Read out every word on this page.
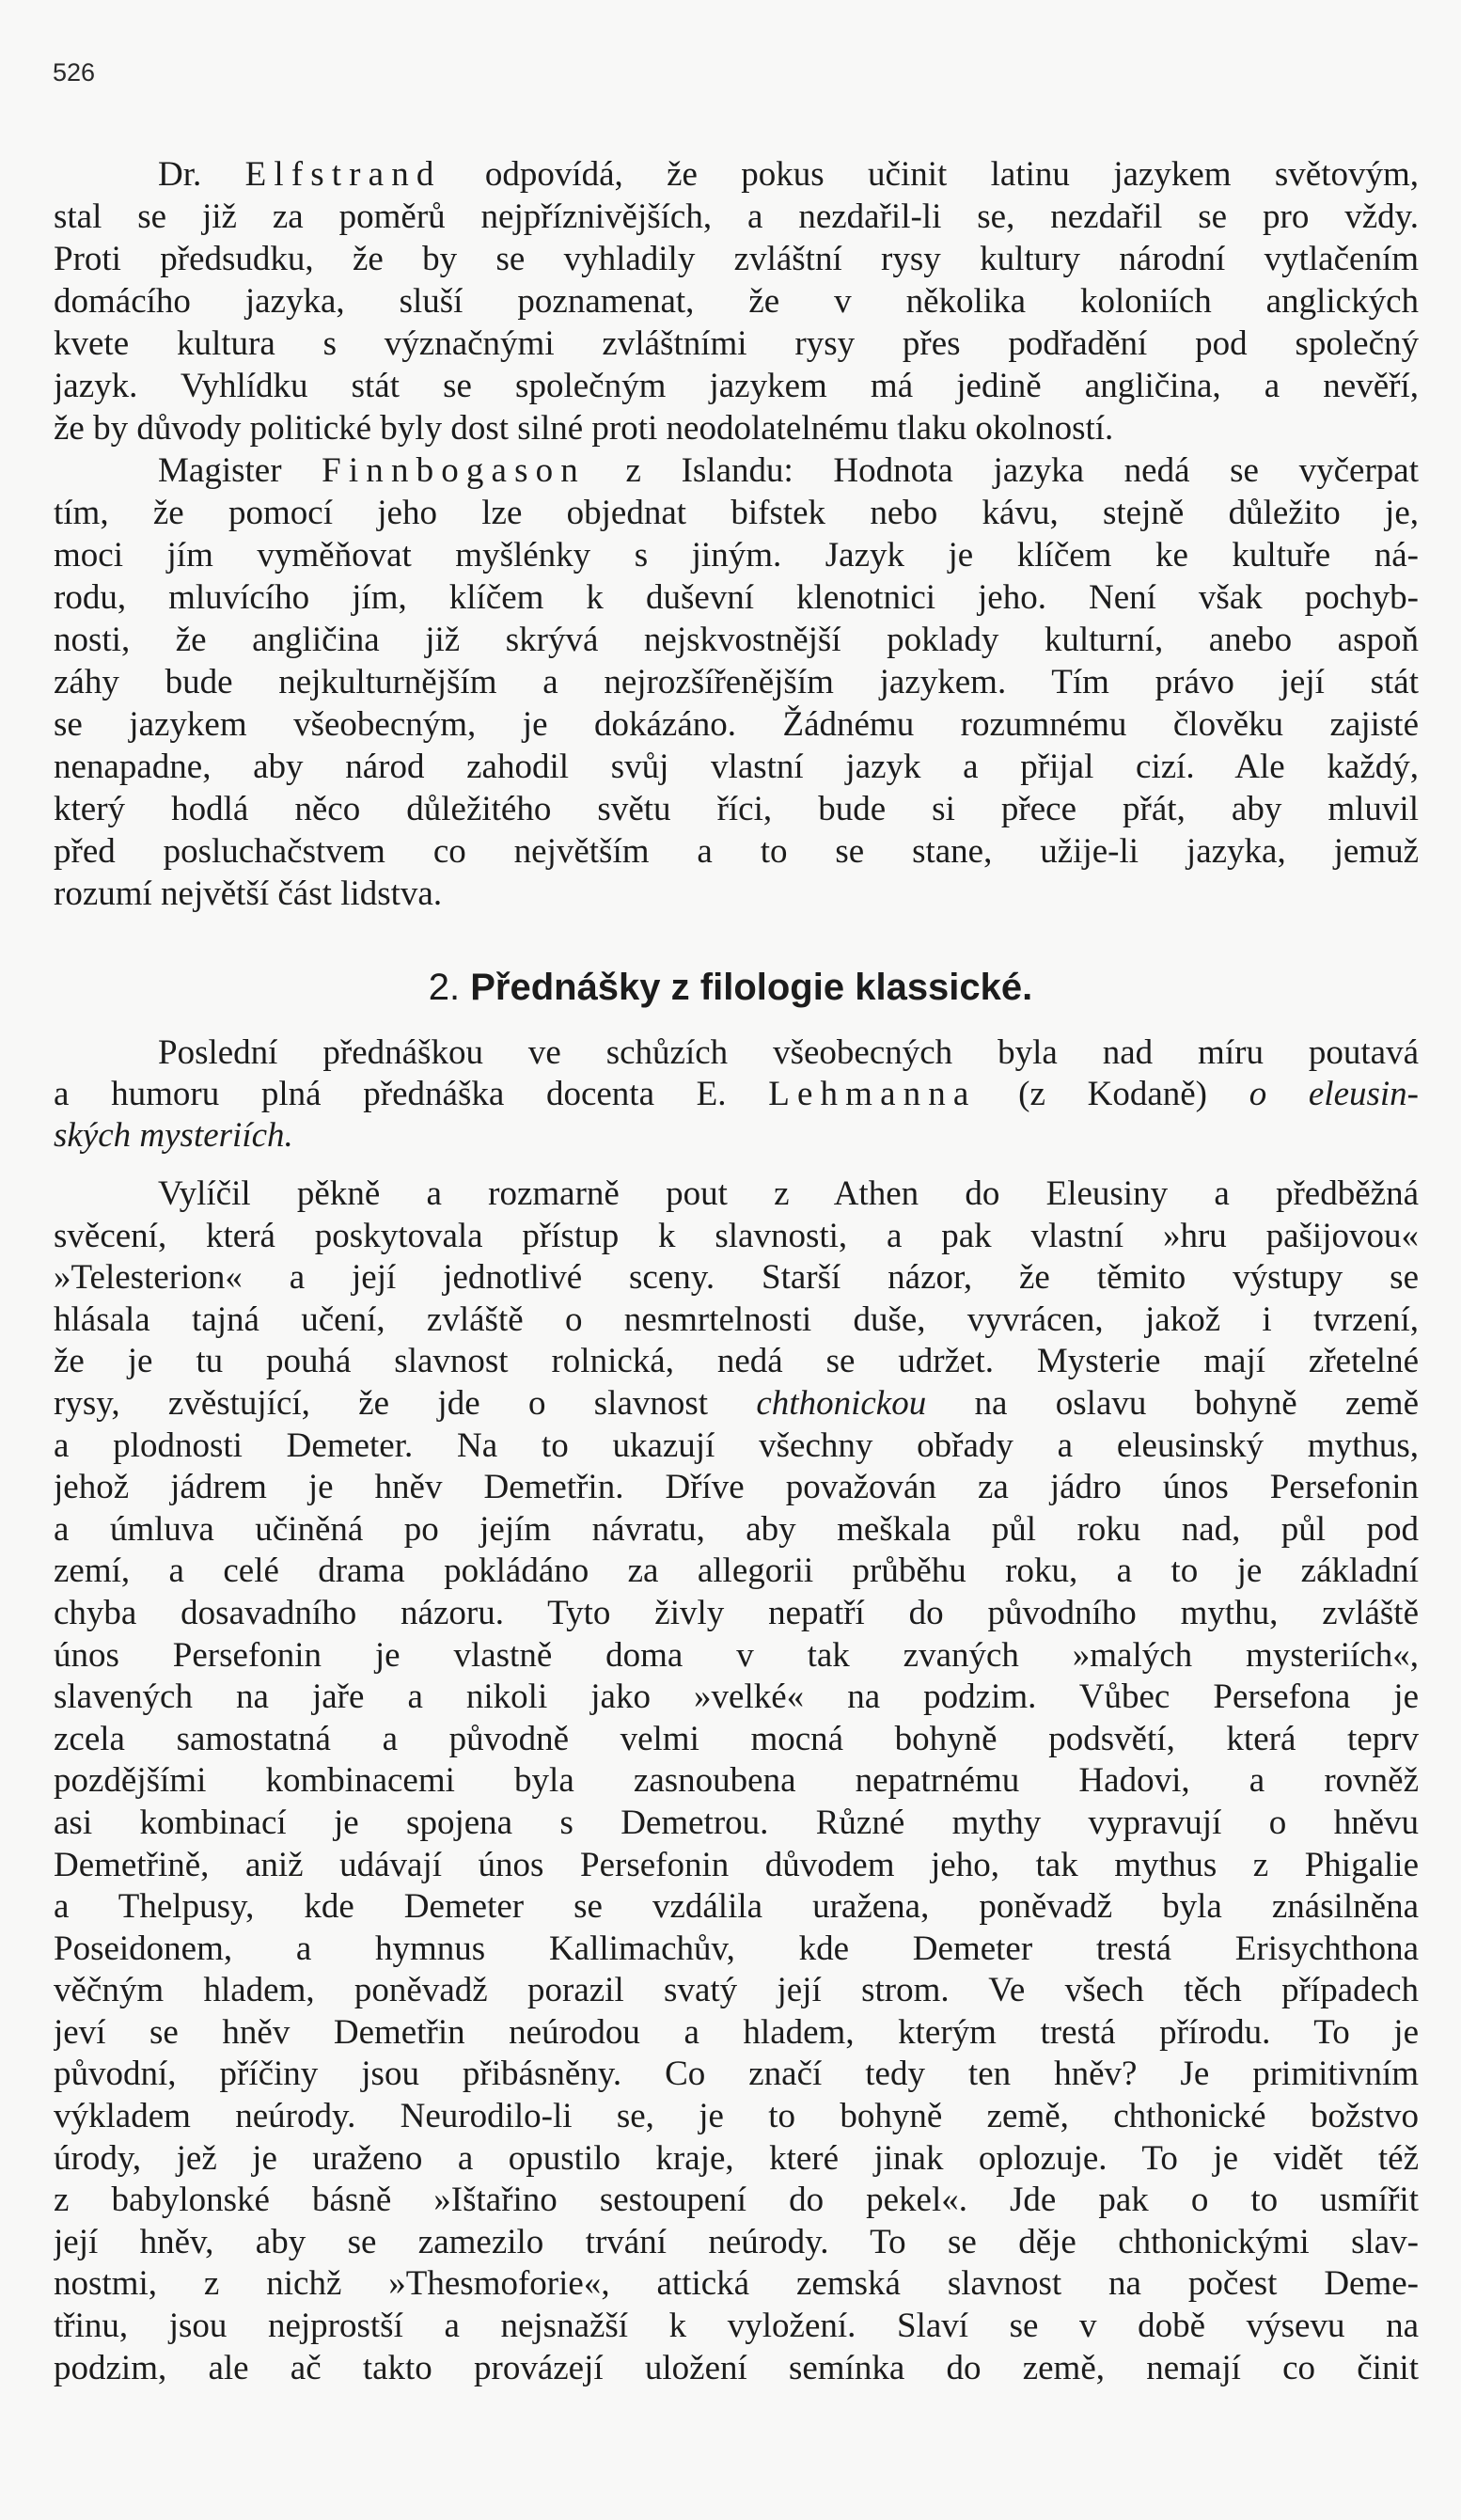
526
Dr. Elfstrand odpovídá, že pokus učinit latinu jazykem světovým,
stal se již za poměrů nejpříznivějších, a nezdařil-li se, nezdařil se pro vždy.
Proti předsudku, že by se vyhladily zvláštní rysy kultury národní vytlačením
domácího jazyka, sluší poznamenat, že v několika koloniích anglických
kvete kultura s význačnými zvláštními rysy přes podřadění pod společný
jazyk. Vyhlídku stát se společným jazykem má jedině angličina, a nevěří,
že by důvody politické byly dost silné proti neodolatelnému tlaku okolností.
Magister Finnbogason z Islandu: Hodnota jazyka nedá se vyčerpat
tím, že pomocí jeho lze objednat bifstek nebo kávu, stejně důležito je,
moci jím vyměňovat myšlénky s jiným. Jazyk je klíčem ke kultuře ná-
rodu, mluvícího jím, klíčem k duševní klenotnici jeho. Není však pochyb-
nosti, že angličina již skrývá nejskvostnější poklady kulturní, anebo aspoň
záhy bude nejkulturnějším a nejrozšířenějším jazykem. Tím právo její stát
se jazykem všeobecným, je dokázáno. Žádnému rozumnému člověku zajisté
nenapadne, aby národ zahodil svůj vlastní jazyk a přijal cizí. Ale každý,
který hodlá něco důležitého světu říci, bude si přece přát, aby mluvil
před posluchačstvem co největším a to se stane, užije-li jazyka, jemuž
rozumí největší část lidstva.
2. Přednášky z filologie klassické.
Poslední přednáškou ve schůzích všeobecných byla nad míru poutavá
a humoru plná přednáška docenta E. Lehmanna (z Kodaně) o eleusin-
ských mysteriích.
Vylíčil pěkně a rozmarně pout z Athen do Eleusiny a předběžná
svěcení, která poskytovala přístup k slavnosti, a pak vlastní »hru pašijovou«
»Telesterion« a její jednotlivé sceny. Starší názor, že těmito výstupy se
hlásala tajná učení, zvláště o nesmrtelnosti duše, vyvrácen, jakož i tvrzení,
že je tu pouhá slavnost rolnická, nedá se udržet. Mysterie mají zřetelné
rysy, zvěstující, že jde o slavnost chthonickou na oslavu bohyně země
a plodnosti Demeter. Na to ukazují všechny obřady a eleusinský mythus,
jehož jádrem je hněv Demetřin. Dříve považován za jádro únos Persefonin
a úmluva učiněná po jejím návratu, aby meškala půl roku nad, půl pod
zemí, a celé drama pokládáno za allegorii průběhu roku, a to je základní
chyba dosavadního názoru. Tyto živly nepatří do původního mythu, zvláště
únos Persefonin je vlastně doma v tak zvaných »malých mysteriích«,
slavených na jaře a nikoli jako »velké« na podzim. Vůbec Persefona je
zcela samostatná a původně velmi mocná bohyně podsvětí, která teprv
pozdějšími kombinacemi byla zasnoubena nepatrnému Hadovi, a rovněž
asi kombinací je spojena s Demetrou. Různé mythy vypravují o hněvu
Demetřině, aniž udávají únos Persefonin důvodem jeho, tak mythus z Phigalie
a Thelpusy, kde Demeter se vzdálila uražena, poněvadž byla znásilněna
Poseidonem, a hymnus Kallimachův, kde Demeter trestá Erisychthona
věčným hladem, poněvadž porazil svatý její strom. Ve všech těch případech
jeví se hněv Demetřin neúrodou a hladem, kterým trestá přírodu. To je
původní, příčiny jsou přibásněny. Co značí tedy ten hněv? Je primitivním
výkladem neúrody. Neurodilo-li se, je to bohyně země, chthonické božstvo
úrody, jež je uraženo a opustilo kraje, které jinak oplozuje. To je vidět též
z babylonské básně »Ištařino sestoupení do pekel«. Jde pak o to usmířit
její hněv, aby se zamezilo trvání neúrody. To se děje chthonickými slav-
nostmi, z nichž »Thesmoforie«, attická zemská slavnost na počest Deme-
třinu, jsou nejprostší a nejsnažší k vyložení. Slaví se v době výsevu na
podzim, ale ač takto provázejí uložení semínka do země, nemají co činit
